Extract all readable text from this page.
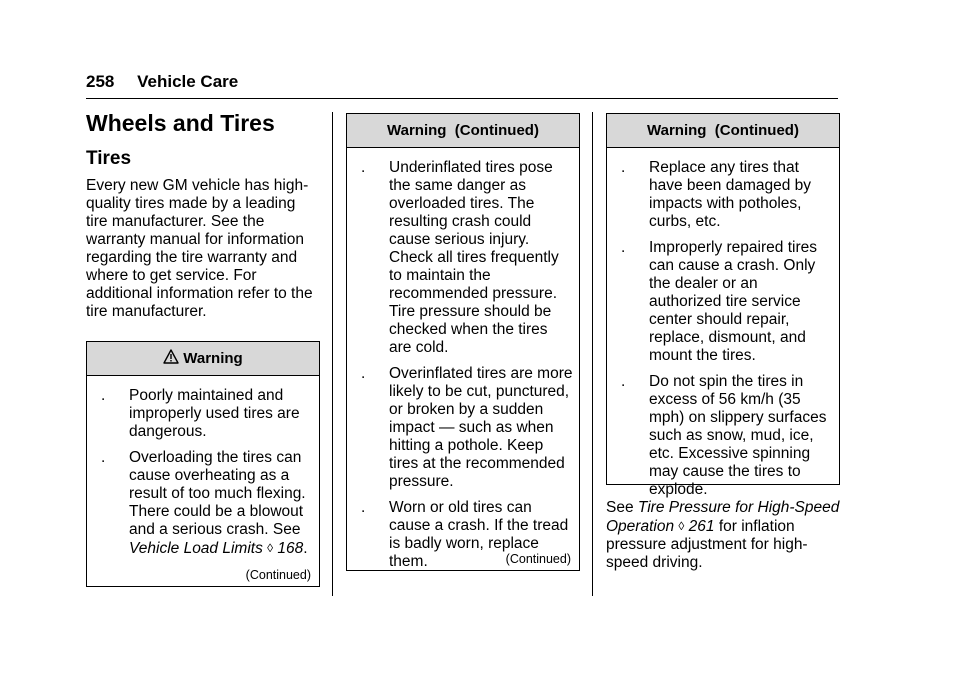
258 Vehicle Care
Wheels and Tires
Tires
Every new GM vehicle has high-quality tires made by a leading tire manufacturer. See the warranty manual for information regarding the tire warranty and where to get service. For additional information refer to the tire manufacturer.
Warning
. Poorly maintained and improperly used tires are dangerous.
. Overloading the tires can cause overheating as a result of too much flexing. There could be a blowout and a serious crash. See Vehicle Load Limits ◊ 168.
(Continued)
Warning  (Continued)
. Underinflated tires pose the same danger as overloaded tires. The resulting crash could cause serious injury. Check all tires frequently to maintain the recommended pressure. Tire pressure should be checked when the tires are cold.
. Overinflated tires are more likely to be cut, punctured, or broken by a sudden impact — such as when hitting a pothole. Keep tires at the recommended pressure.
. Worn or old tires can cause a crash. If the tread is badly worn, replace them.	(Continued)
Warning  (Continued)
. Replace any tires that have been damaged by impacts with potholes, curbs, etc.
. Improperly repaired tires can cause a crash. Only the dealer or an authorized tire service center should repair, replace, dismount, and mount the tires.
. Do not spin the tires in excess of 56 km/h (35 mph) on slippery surfaces such as snow, mud, ice, etc. Excessive spinning may cause the tires to explode.
See Tire Pressure for High-Speed Operation ◊ 261 for inflation pressure adjustment for high-speed driving.
